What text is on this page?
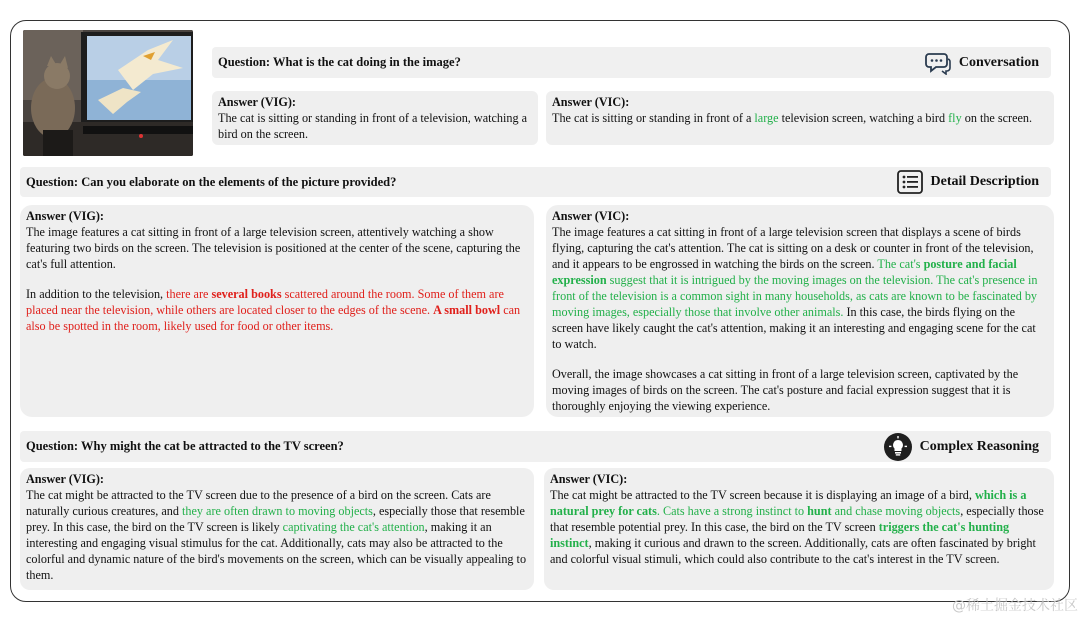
Question: What is the cat doing in the image?	Conversation
Answer (VIG):
The cat is sitting or standing in front of a television, watching a bird on the screen.
Answer (VIC):
The cat is sitting or standing in front of a large television screen, watching a bird fly on the screen.
Question: Can you elaborate on the elements of the picture provided?	Detail Description
Answer (VIG):

The image features a cat sitting in front of a large television screen, attentively watching a show featuring two birds on the screen. The television is positioned at the center of the scene, capturing the cat's full attention.

In addition to the television, there are several books scattered around the room. Some of them are placed near the television, while others are located closer to the edges of the scene. A small bowl can also be spotted in the room, likely used for food or other items.

Answer (VIC):

The image features a cat sitting in front of a large television screen that displays a scene of birds flying, capturing the cat's attention. The cat is sitting on a desk or counter in front of the television, and it appears to be engrossed in watching the birds on the screen. The cat's posture and facial expression suggest that it is intrigued by the moving images on the television. The cat's presence in front of the television is a common sight in many households, as cats are known to be fascinated by moving images, especially those that involve other animals. In this case, the birds flying on the screen have likely caught the cat's attention, making it an interesting and engaging scene for the cat to watch.

Overall, the image showcases a cat sitting in front of a large television screen, captivated by the moving images of birds on the screen. The cat's posture and facial expression suggest that it is thoroughly enjoying the viewing experience.

Question: Why might the cat be attracted to the TV screen?	Complex Reasoning
Answer (VIG):
The cat might be attracted to the TV screen due to the presence of a bird on the screen. Cats are naturally curious creatures, and they are often drawn to moving objects, especially those that resemble prey. In this case, the bird on the TV screen is likely captivating the cat's attention, making it an interesting and engaging visual stimulus for the cat. Additionally, cats may also be attracted to the colorful and dynamic nature of the bird's movements on the screen, which can be visually appealing to them.
Answer (VIC):
The cat might be attracted to the TV screen because it is displaying an image of a bird, which is a natural prey for cats. Cats have a strong instinct to hunt and chase moving objects, especially those that resemble potential prey. In this case, the bird on the TV screen triggers the cat's hunting instinct, making it curious and drawn to the screen. Additionally, cats are often fascinated by bright and colorful visual stimuli, which could also contribute to the cat's interest in the TV screen.
@稀土掘金技术社区
